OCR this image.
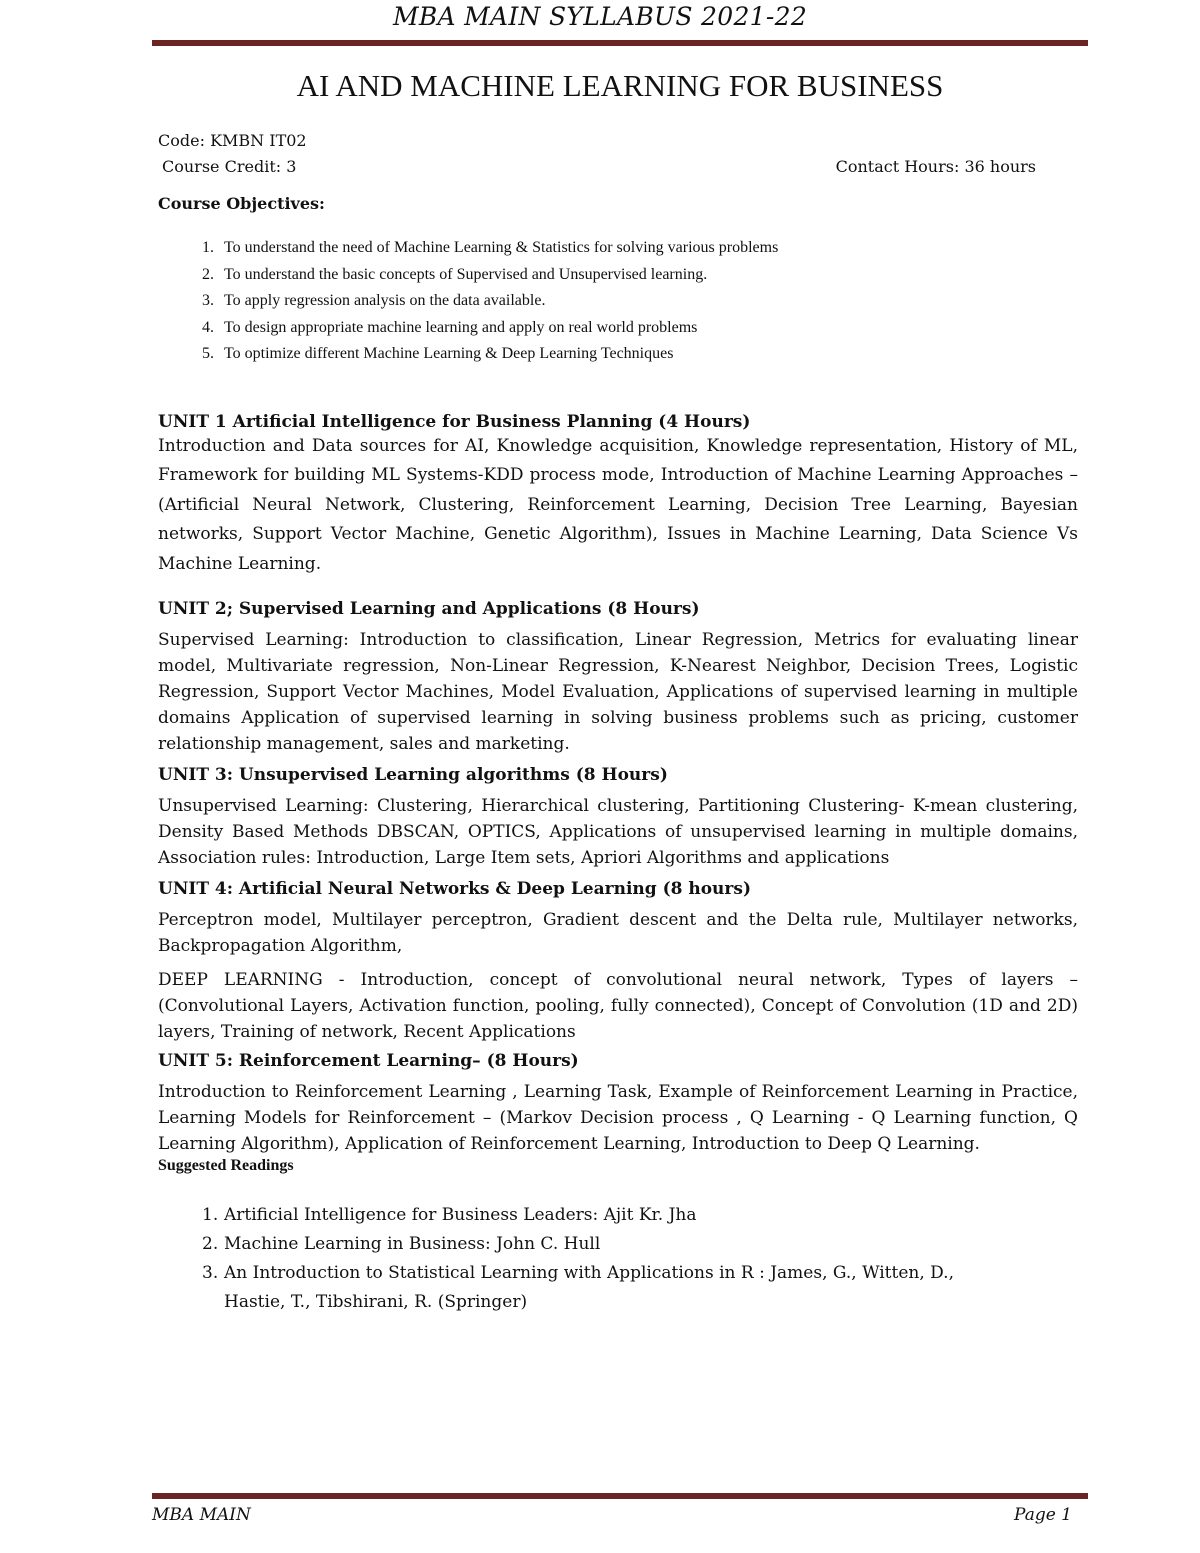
MBA MAIN SYLLABUS 2021-22
AI AND MACHINE LEARNING FOR BUSINESS
Code: KMBN IT02
Course Credit: 3	Contact Hours: 36 hours
Course Objectives:
1. To understand the need of Machine Learning & Statistics for solving various problems
2. To understand the basic concepts of Supervised and Unsupervised learning.
3. To apply regression analysis on the data available.
4. To design appropriate machine learning and apply on real world problems
5. To optimize different Machine Learning & Deep Learning Techniques
UNIT 1 Artificial Intelligence for Business Planning (4 Hours)

Introduction and Data sources for AI, Knowledge acquisition, Knowledge representation, History of ML, Framework for building ML Systems-KDD process mode, Introduction of Machine Learning Approaches – (Artificial Neural Network, Clustering, Reinforcement Learning, Decision Tree Learning, Bayesian networks, Support Vector Machine, Genetic Algorithm), Issues in Machine Learning, Data Science Vs Machine Learning.

UNIT 2; Supervised Learning and Applications (8 Hours)

Supervised Learning: Introduction to classification, Linear Regression, Metrics for evaluating linear model, Multivariate regression, Non-Linear Regression, K-Nearest Neighbor, Decision Trees, Logistic Regression, Support Vector Machines, Model Evaluation, Applications of supervised learning in multiple domains Application of supervised learning in solving business problems such as pricing, customer relationship management, sales and marketing.

UNIT 3: Unsupervised Learning algorithms (8 Hours)

Unsupervised Learning: Clustering, Hierarchical clustering, Partitioning Clustering- K-mean clustering, Density Based Methods DBSCAN, OPTICS, Applications of unsupervised learning in multiple domains, Association rules: Introduction, Large Item sets, Apriori Algorithms and applications

UNIT 4: Artificial Neural Networks & Deep Learning (8 hours)

Perceptron model, Multilayer perceptron, Gradient descent and the Delta rule, Multilayer networks, Backpropagation Algorithm,

DEEP LEARNING - Introduction, concept of convolutional neural network, Types of layers – (Convolutional Layers, Activation function, pooling, fully connected), Concept of Convolution (1D and 2D) layers, Training of network, Recent Applications

UNIT 5: Reinforcement Learning– (8 Hours)

Introduction to Reinforcement Learning , Learning Task, Example of Reinforcement Learning in Practice, Learning Models for Reinforcement – (Markov Decision process , Q Learning - Q Learning function, Q Learning Algorithm), Application of Reinforcement Learning, Introduction to Deep Q Learning.

Suggested Readings
1. Artificial Intelligence for Business Leaders: Ajit Kr. Jha
2. Machine Learning in Business: John C. Hull
3. An Introduction to Statistical Learning with Applications in R : James, G., Witten, D., Hastie, T., Tibshirani, R. (Springer)
MBA MAIN	Page 1
